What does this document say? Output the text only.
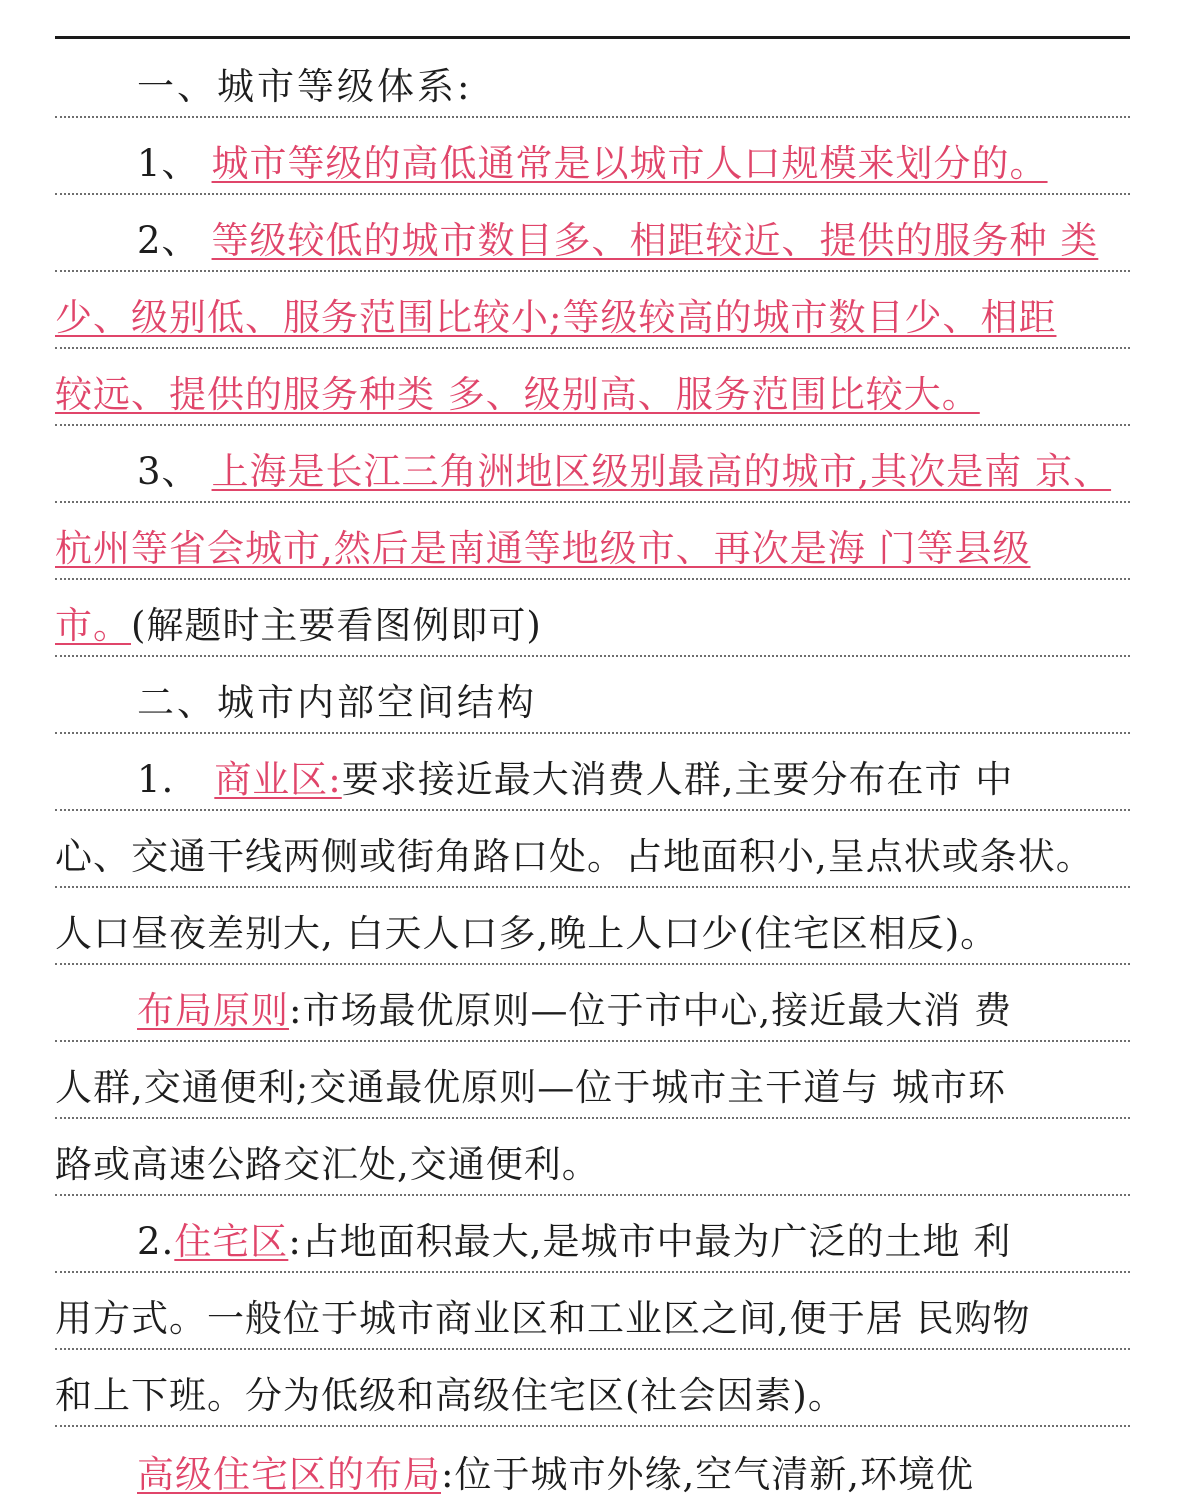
一、城市等级体系:
1、 城市等级的高低通常是以城市人口规模来划分的。
2、 等级较低的城市数目多、相距较近、提供的服务种 类
少、级别低、服务范围比较小;等级较高的城市数目少、相距
较远、提供的服务种类 多、级别高、服务范围比较大。
3、 上海是长江三角洲地区级别最高的城市,其次是南 京、
杭州等省会城市,然后是南通等地级市、再次是海 门等县级
市。 (解题时主要看图例即可)
二、城市内部空间结构
1. 商业区: 要求接近最大消费人群,主要分布在市 中
心、交通干线两侧或街角路口处。占地面积小,呈点状或条状。
人口昼夜差别大, 白天人口多,晚上人口少(住宅区相反)。
布局原则 :市场最优原则—位于市中心,接近最大消 费
人群,交通便利;交通最优原则—位于城市主干道与 城市环
路或高速公路交汇处,交通便利。
2. 住宅区 :占地面积最大,是城市中最为广泛的土地 利
用方式。一般位于城市商业区和工业区之间,便于居 民购物
和上下班。分为低级和高级住宅区(社会因素)。
高级住宅区的布局 :位于城市外缘,空气清新,环境优
